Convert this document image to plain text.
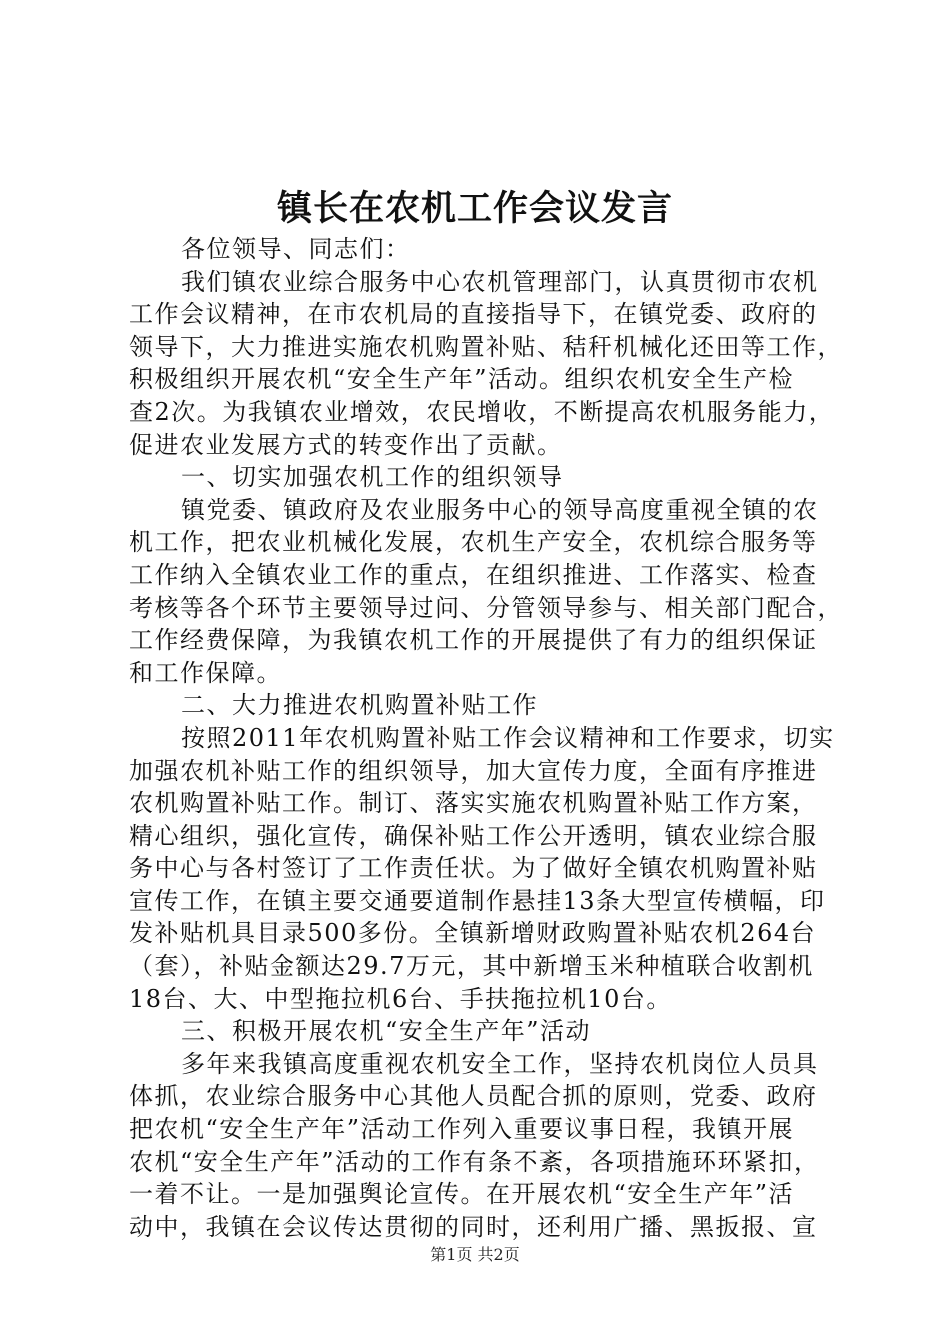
镇长在农机工作会议发言
各位领导、同志们：
我们镇农业综合服务中心农机管理部门，认真贯彻市农机
工作会议精神，在市农机局的直接指导下，在镇党委、政府的
领导下，大力推进实施农机购置补贴、秸秆机械化还田等工作，
积极组织开展农机“安全生产年”活动。组织农机安全生产检
查2次。为我镇农业增效，农民增收，不断提高农机服务能力，
促进农业发展方式的转变作出了贡献。
一、切实加强农机工作的组织领导
镇党委、镇政府及农业服务中心的领导高度重视全镇的农
机工作，把农业机械化发展，农机生产安全，农机综合服务等
工作纳入全镇农业工作的重点，在组织推进、工作落实、检查
考核等各个环节主要领导过问、分管领导参与、相关部门配合，
工作经费保障，为我镇农机工作的开展提供了有力的组织保证
和工作保障。
二、大力推进农机购置补贴工作
按照2011年农机购置补贴工作会议精神和工作要求，切实
加强农机补贴工作的组织领导，加大宣传力度，全面有序推进
农机购置补贴工作。制订、落实实施农机购置补贴工作方案，
精心组织，强化宣传，确保补贴工作公开透明，镇农业综合服
务中心与各村签订了工作责任状。为了做好全镇农机购置补贴
宣传工作，在镇主要交通要道制作悬挂13条大型宣传横幅，印
发补贴机具目录500多份。全镇新增财政购置补贴农机264台
（套），补贴金额达29.7万元，其中新增玉米种植联合收割机
18台、大、中型拖拉机6台、手扶拖拉机10台。
三、积极开展农机“安全生产年”活动
多年来我镇高度重视农机安全工作，坚持农机岗位人员具
体抓，农业综合服务中心其他人员配合抓的原则，党委、政府
把农机“安全生产年”活动工作列入重要议事日程，我镇开展
农机“安全生产年”活动的工作有条不紊，各项措施环环紧扣，
一着不让。一是加强舆论宣传。在开展农机“安全生产年”活
动中，我镇在会议传达贯彻的同时，还利用广播、黑扳报、宣
第1页 共2页
